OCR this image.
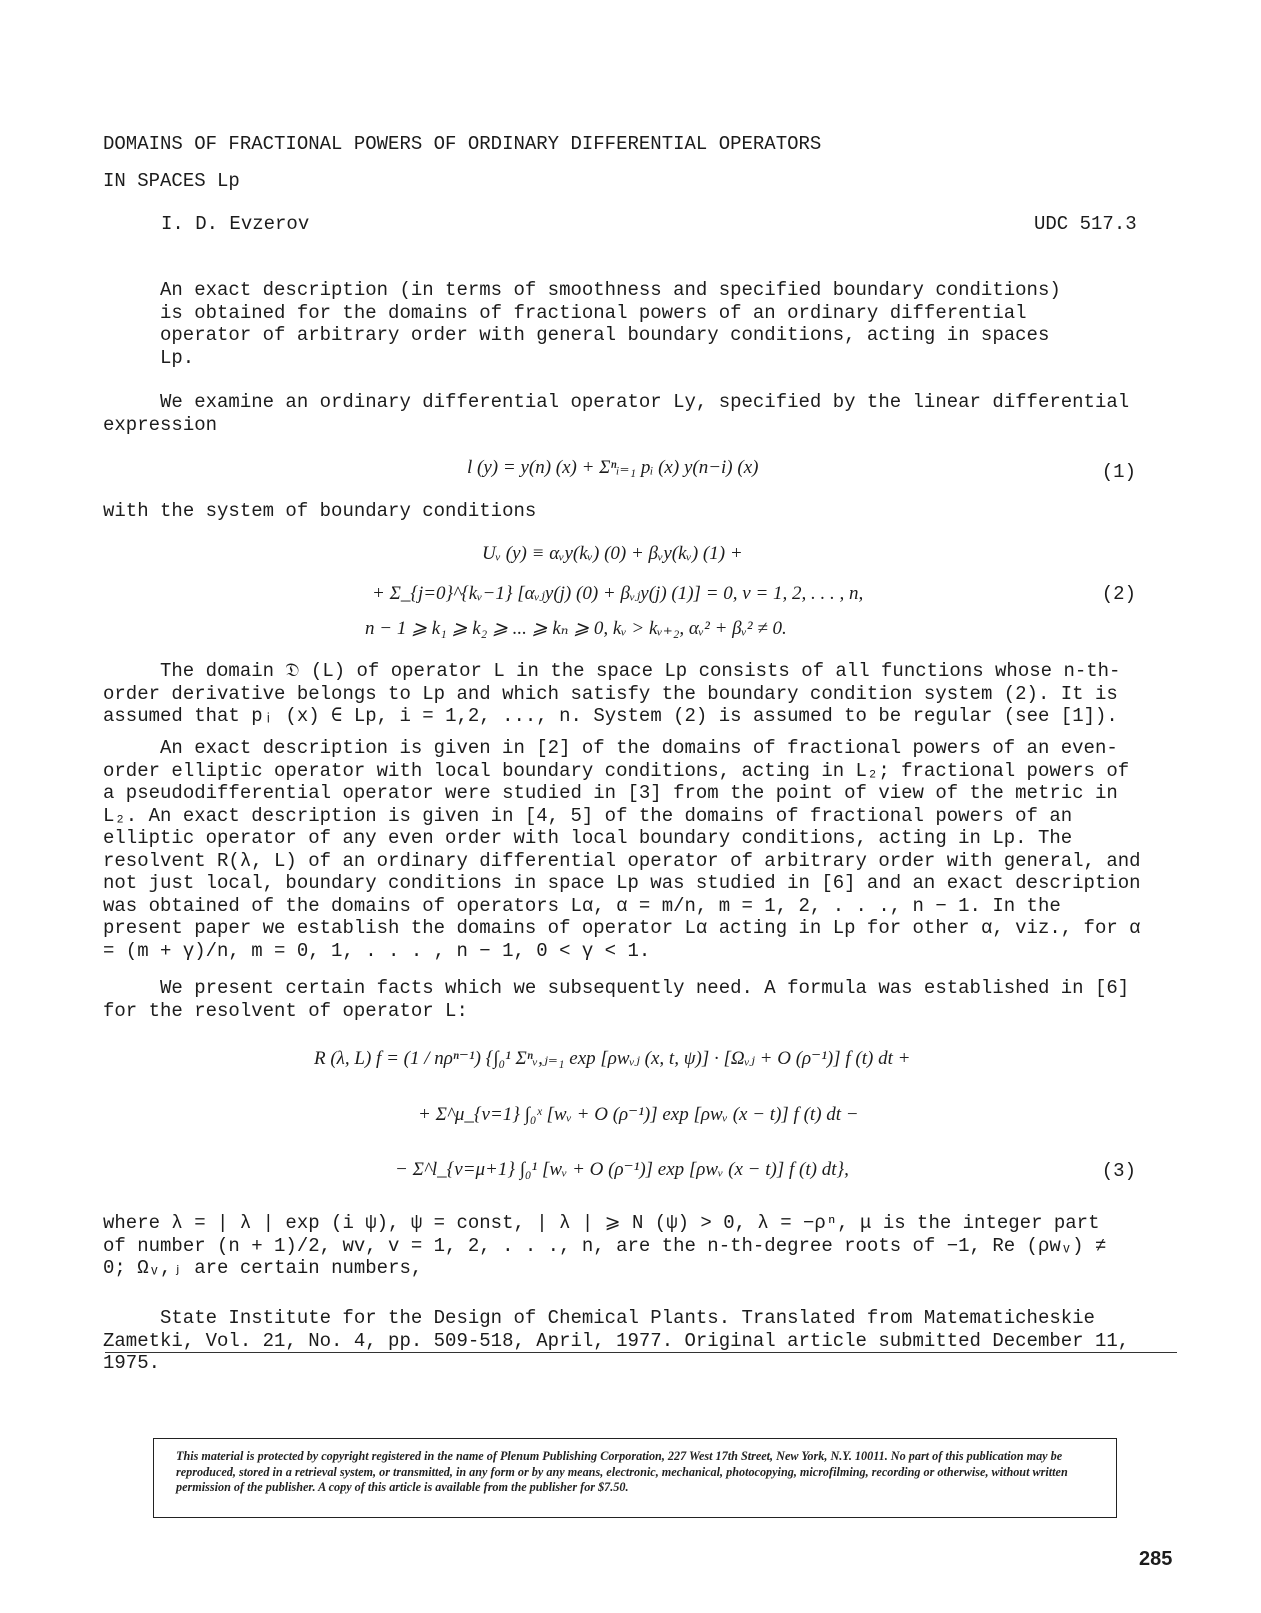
DOMAINS OF FRACTIONAL POWERS OF ORDINARY DIFFERENTIAL OPERATORS
IN SPACES Lp
I. D. Evzerov	UDC 517.3
An exact description (in terms of smoothness and specified boundary conditions) is obtained for the domains of fractional powers of an ordinary differential operator of arbitrary order with general boundary conditions, acting in spaces Lp.
We examine an ordinary differential operator Ly, specified by the linear differential expression
l (y) = y(n) (x) + Σⁿᵢ₌₁ pᵢ (x) y(n−i) (x)	(1)
with the system of boundary conditions
Uᵥ (y) ≡ αᵥy(kᵥ) (0) + βᵥy(kᵥ) (1) +
+ Σ_{j=0}^{kᵥ−1} [αᵥⱼy(j) (0) + βᵥⱼy(j) (1)] = 0, v = 1, 2, . . . , n,	(2)
n − 1 ⩾ k₁ ⩾ k₂ ⩾ ... ⩾ kₙ ⩾ 0, kᵥ > kᵥ₊₂, αᵥ² + βᵥ² ≠ 0.
The domain 𝔇 (L) of operator L in the space Lp consists of all functions whose n-th-order derivative belongs to Lp and which satisfy the boundary condition system (2). It is assumed that pᵢ (x) ∈ Lp, i = 1,2, ..., n. System (2) is assumed to be regular (see [1]).
An exact description is given in [2] of the domains of fractional powers of an even-order elliptic operator with local boundary conditions, acting in L₂; fractional powers of a pseudodifferential operator were studied in [3] from the point of view of the metric in L₂. An exact description is given in [4, 5] of the domains of fractional powers of an elliptic operator of any even order with local boundary conditions, acting in Lp. The resolvent R(λ, L) of an ordinary differential operator of arbitrary order with general, and not just local, boundary conditions in space Lp was studied in [6] and an exact description was obtained of the domains of operators Lα, α = m/n, m = 1, 2, . . ., n − 1. In the present paper we establish the domains of operator Lα acting in Lp for other α, viz., for α = (m + γ)/n, m = 0, 1, . . . , n − 1, 0 < γ < 1.
We present certain facts which we subsequently need. A formula was established in [6] for the resolvent of operator L:
R (λ, L) f = (1 / nρⁿ⁻¹) {∫₀¹ Σⁿᵥ,ⱼ₌₁ exp [ρwᵥⱼ (x, t, ψ)] · [Ωᵥⱼ + O (ρ⁻¹)] f (t) dt +
+ Σ^μ_{v=1} ∫₀ˣ [wᵥ + O (ρ⁻¹)] exp [ρwᵥ (x − t)] f (t) dt −
− Σ^l_{v=μ+1} ∫₀¹ [wᵥ + O (ρ⁻¹)] exp [ρwᵥ (x − t)] f (t) dt},	(3)
where λ = | λ | exp (i ψ), ψ = const, | λ | ⩾ N (ψ) > 0, λ = −ρⁿ, μ is the integer part of number (n + 1)/2, wv, v = 1, 2, . . ., n, are the n-th-degree roots of −1, Re (ρwᵥ) ≠ 0; Ωᵥ,ⱼ are certain numbers,
State Institute for the Design of Chemical Plants. Translated from Matematicheskie Zametki, Vol. 21, No. 4, pp. 509-518, April, 1977. Original article submitted December 11, 1975.
This material is protected by copyright registered in the name of Plenum Publishing Corporation, 227 West 17th Street, New York, N.Y. 10011. No part of this publication may be reproduced, stored in a retrieval system, or transmitted, in any form or by any means, electronic, mechanical, photocopying, microfilming, recording or otherwise, without written permission of the publisher. A copy of this article is available from the publisher for $7.50.
285
